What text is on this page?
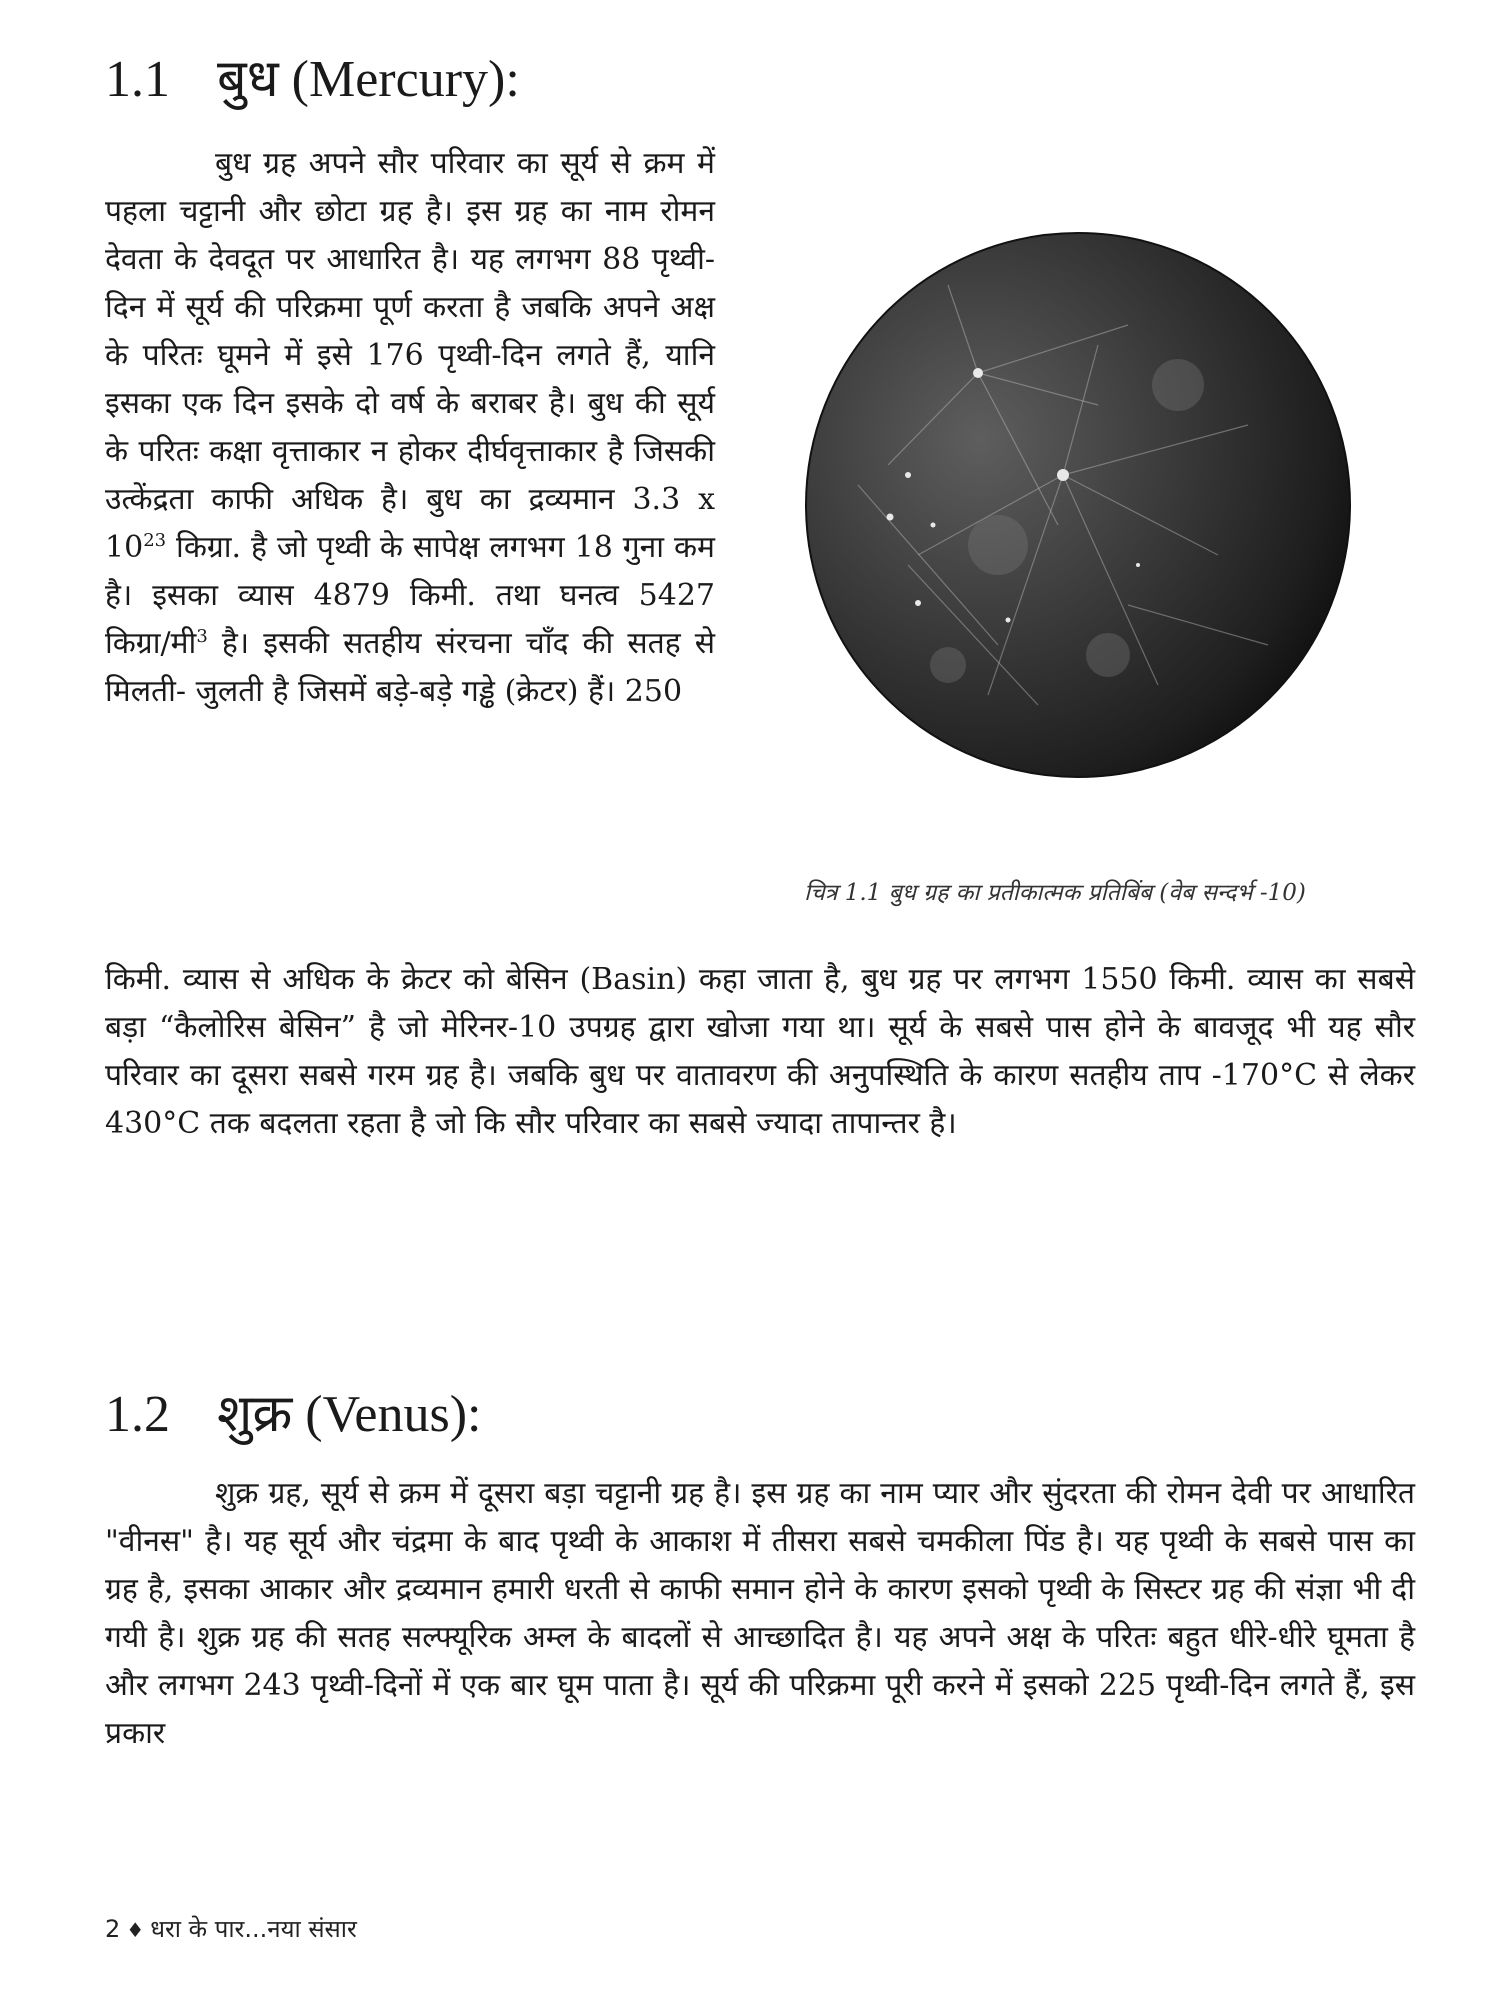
1.1 बुध (Mercury):
बुध ग्रह अपने सौर परिवार का सूर्य से क्रम में पहला चट्टानी और छोटा ग्रह है। इस ग्रह का नाम रोमन देवता के देवदूत पर आधारित है। यह लगभग 88 पृथ्वी-दिन में सूर्य की परिक्रमा पूर्ण करता है जबकि अपने अक्ष के परितः घूमने में इसे 176 पृथ्वी-दिन लगते हैं, यानि इसका एक दिन इसके दो वर्ष के बराबर है। बुध की सूर्य के परितः कक्षा वृत्ताकार न होकर दीर्घवृत्ताकार है जिसकी उत्केंद्रता काफी अधिक है। बुध का द्रव्यमान 3.3 x $10^{23}$ किग्रा. है जो पृथ्वी के सापेक्ष लगभग 18 गुना कम है। इसका व्यास 4879 किमी. तथा घनत्व 5427 किग्रा/मी$^3$ है। इसकी सतहीय संरचना चाँद की सतह से मिलती- जुलती है जिसमें बड़े-बड़े गड्ढे (क्रेटर) हैं। 250
चित्र 1.1 बुध ग्रह का प्रतीकात्मक प्रतिबिंब (वेब सन्दर्भ -10)
किमी. व्यास से अधिक के क्रेटर को बेसिन (Basin) कहा जाता है, बुध ग्रह पर लगभग 1550 किमी. व्यास का सबसे बड़ा “कैलोरिस बेसिन” है जो मेरिनर-10 उपग्रह द्वारा खोजा गया था। सूर्य के सबसे पास होने के बावजूद भी यह सौर परिवार का दूसरा सबसे गरम ग्रह है। जबकि बुध पर वातावरण की अनुपस्थिति के कारण सतहीय ताप -170°C से लेकर 430°C तक बदलता रहता है जो कि सौर परिवार का सबसे ज्यादा तापान्तर है।
1.2 शुक्र (Venus):
शुक्र ग्रह, सूर्य से क्रम में दूसरा बड़ा चट्टानी ग्रह है। इस ग्रह का नाम प्यार और सुंदरता की रोमन देवी पर आधारित "वीनस" है। यह सूर्य और चंद्रमा के बाद पृथ्वी के आकाश में तीसरा सबसे चमकीला पिंड है। यह पृथ्वी के सबसे पास का ग्रह है, इसका आकार और द्रव्यमान हमारी धरती से काफी समान होने के कारण इसको पृथ्वी के सिस्टर ग्रह की संज्ञा भी दी गयी है। शुक्र ग्रह की सतह सल्फ्यूरिक अम्ल के बादलों से आच्छादित है। यह अपने अक्ष के परितः बहुत धीरे-धीरे घूमता है और लगभग 243 पृथ्वी-दिनों में एक बार घूम पाता है। सूर्य की परिक्रमा पूरी करने में इसको 225 पृथ्वी-दिन लगते हैं, इस प्रकार
2 ♦ धरा के पार...नया संसार
